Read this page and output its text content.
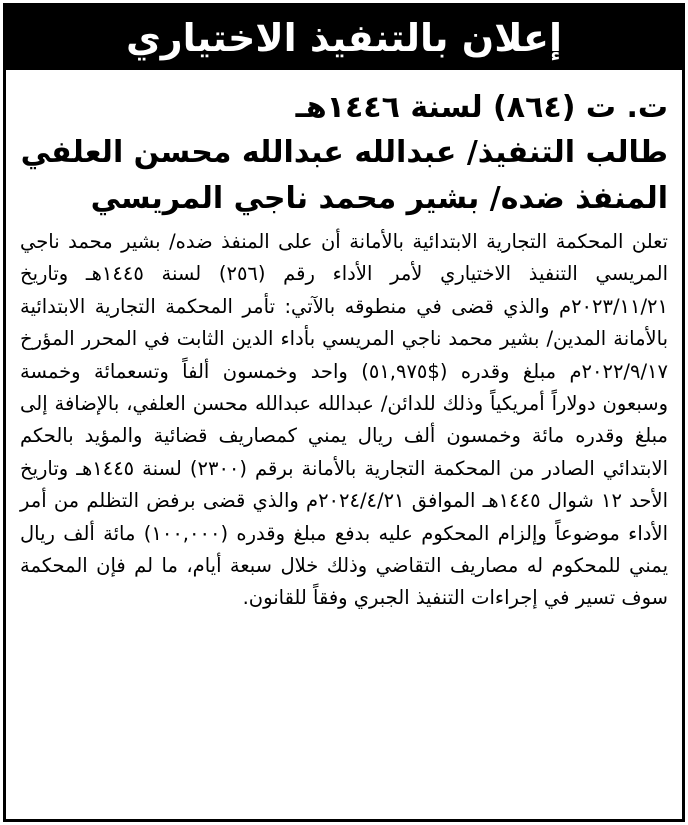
إعلان بالتنفيذ الاختياري

ت. ت (٨٦٤) لسنة ١٤٤٦هـ

طالب التنفيذ/ عبدالله عبدالله محسن العلفي

المنفذ ضده/ بشير محمد ناجي المريسي

تعلن المحكمة التجارية الابتدائية بالأمانة أن على المنفذ ضده/ بشير محمد ناجي المريسي التنفيذ الاختياري لأمر الأداء رقم (٢٥٦) لسنة ١٤٤٥هـ وتاريخ ٢٠٢٣/١١/٢١م والذي قضى في منطوقه بالآتي: تأمر المحكمة التجارية الابتدائية بالأمانة المدين/ بشير محمد ناجي المريسي بأداء الدين الثابت في المحرر المؤرخ ٢٠٢٢/٩/١٧م مبلغ وقدره ($٥١,٩٧٥) واحد وخمسون ألفاً وتسعمائة وخمسة وسبعون دولاراً أمريكياً وذلك للدائن/ عبدالله عبدالله محسن العلفي، بالإضافة إلى مبلغ وقدره مائة وخمسون ألف ريال يمني كمصاريف قضائية والمؤيد بالحكم الابتدائي الصادر من المحكمة التجارية بالأمانة برقم (٢٣٠٠) لسنة ١٤٤٥هـ وتاريخ الأحد ١٢ شوال ١٤٤٥هـ الموافق ٢٠٢٤/٤/٢١م والذي قضى برفض التظلم من أمر الأداء موضوعاً وإلزام المحكوم عليه بدفع مبلغ وقدره (١٠٠,٠٠٠) مائة ألف ريال يمني للمحكوم له مصاريف التقاضي وذلك خلال سبعة أيام، ما لم فإن المحكمة سوف تسير في إجراءات التنفيذ الجبري وفقاً للقانون.
